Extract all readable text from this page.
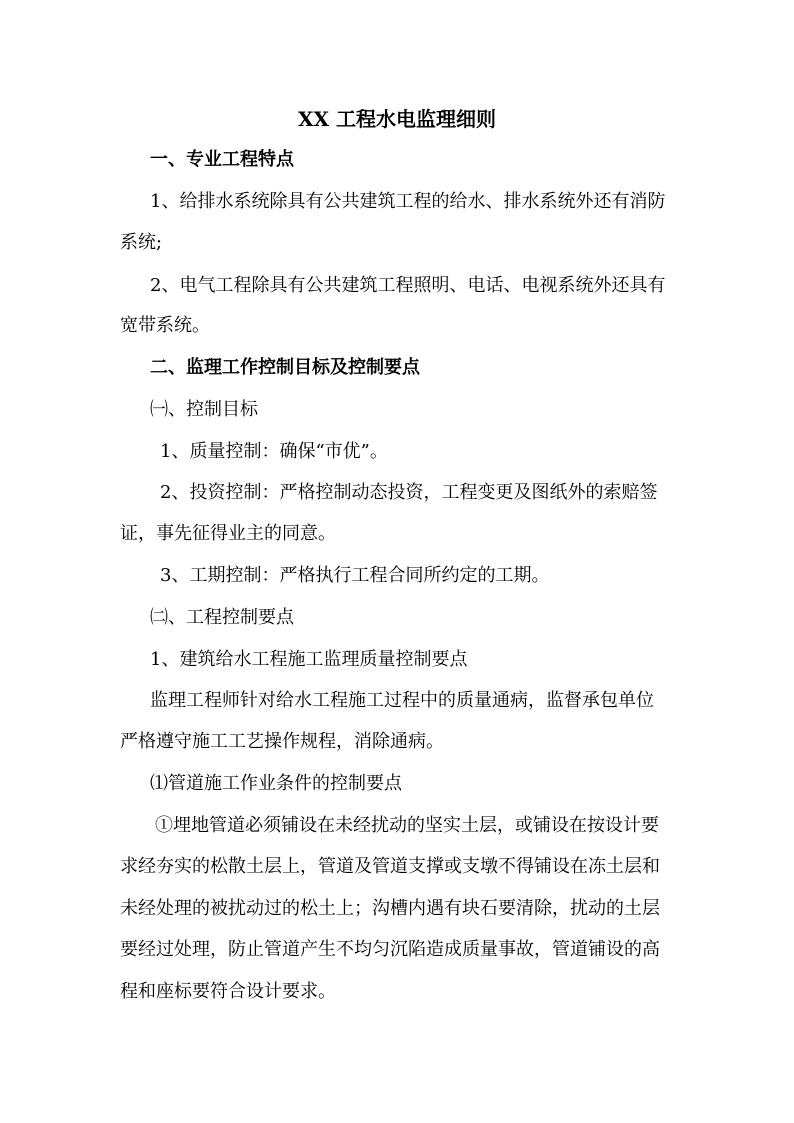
XX 工程水电监理细则
一、专业工程特点
1、给排水系统除具有公共建筑工程的给水、排水系统外还有消防
系统;
2、电气工程除具有公共建筑工程照明、电话、电视系统外还具有
宽带系统。
二、监理工作控制目标及控制要点
㈠、控制目标
1、质量控制：确保“市优”。
2、投资控制：严格控制动态投资，工程变更及图纸外的索赔签
证，事先征得业主的同意。
3、工期控制：严格执行工程合同所约定的工期。
㈡、工程控制要点
1、建筑给水工程施工监理质量控制要点
监理工程师针对给水工程施工过程中的质量通病，监督承包单位
严格遵守施工工艺操作规程，消除通病。
⑴管道施工作业条件的控制要点
①埋地管道必须铺设在未经扰动的坚实土层，或铺设在按设计要
求经夯实的松散土层上，管道及管道支撑或支墩不得铺设在冻土层和
未经处理的被扰动过的松土上；沟槽内遇有块石要清除，扰动的土层
要经过处理，防止管道产生不均匀沉陷造成质量事故，管道铺设的高
程和座标要符合设计要求。
